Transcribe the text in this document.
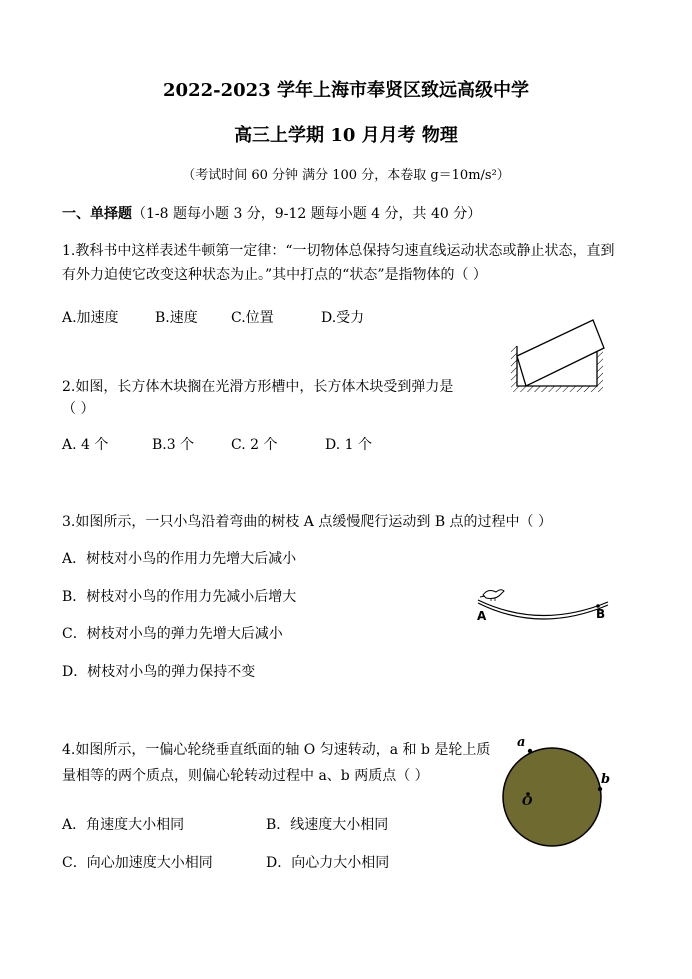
2022-2023 学年上海市奉贤区致远高级中学
高三上学期 10 月月考 物理
（考试时间 60 分钟 满分 100 分，本卷取 g＝10m/s²）
一、单择题（1-8 题每小题 3 分，9-12 题每小题 4 分，共 40 分）
1.教科书中这样表述牛顿第一定律：“一切物体总保持匀速直线运动状态或静止状态，直到
有外力迫使它改变这种状态为止。”其中打点的“状态”是指物体的（ ）
A.加速度	B.速度 C.位置	D.受力
2.如图，长方体木块搁在光滑方形槽中，长方体木块受到弹力是
（ ）
A. 4 个	B.3 个	C. 2 个	D. 1 个
3.如图所示，一只小鸟沿着弯曲的树枝 A 点缓慢爬行运动到 B 点的过程中（ ）
A．树枝对小鸟的作用力先增大后减小
B．树枝对小鸟的作用力先减小后增大
C．树枝对小鸟的弹力先增大后减小
D．树枝对小鸟的弹力保持不变
A	B
4.如图所示，一偏心轮绕垂直纸面的轴 O 匀速转动，a 和 b 是轮上质
量相等的两个质点，则偏心轮转动过程中 a、b 两质点（ ）
A．角速度大小相同	B．线速度大小相同
C．向心加速度大小相同	D．向心力大小相同
a
b
O
